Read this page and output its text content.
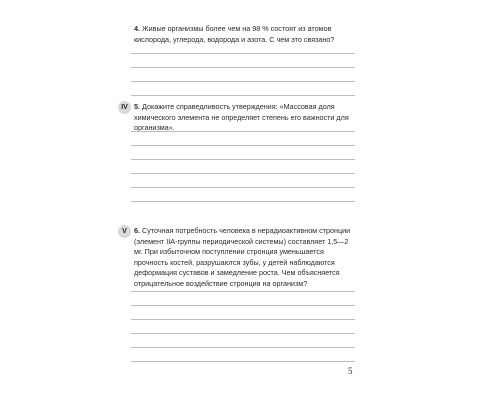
4. Живые организмы более чем на 98 % состоят из атомов кислорода, углерода, водорода и азота. С чем это связано?

IV 5. Докажите справедливость утверждения: «Массовая доля химического элемента не определяет степень его важности для организма».

V 6. Суточная потребность человека в нерадиоактивном стронции (элемент IIA-группы периодической системы) составляет 1,5—2 мг. При избыточном поступлении стронция уменьшается прочность костей, разрушаются зубы, у детей наблюдаются деформация суставов и замедление роста. Чем объясняется отрицательное воздействие стронция на организм?

5
